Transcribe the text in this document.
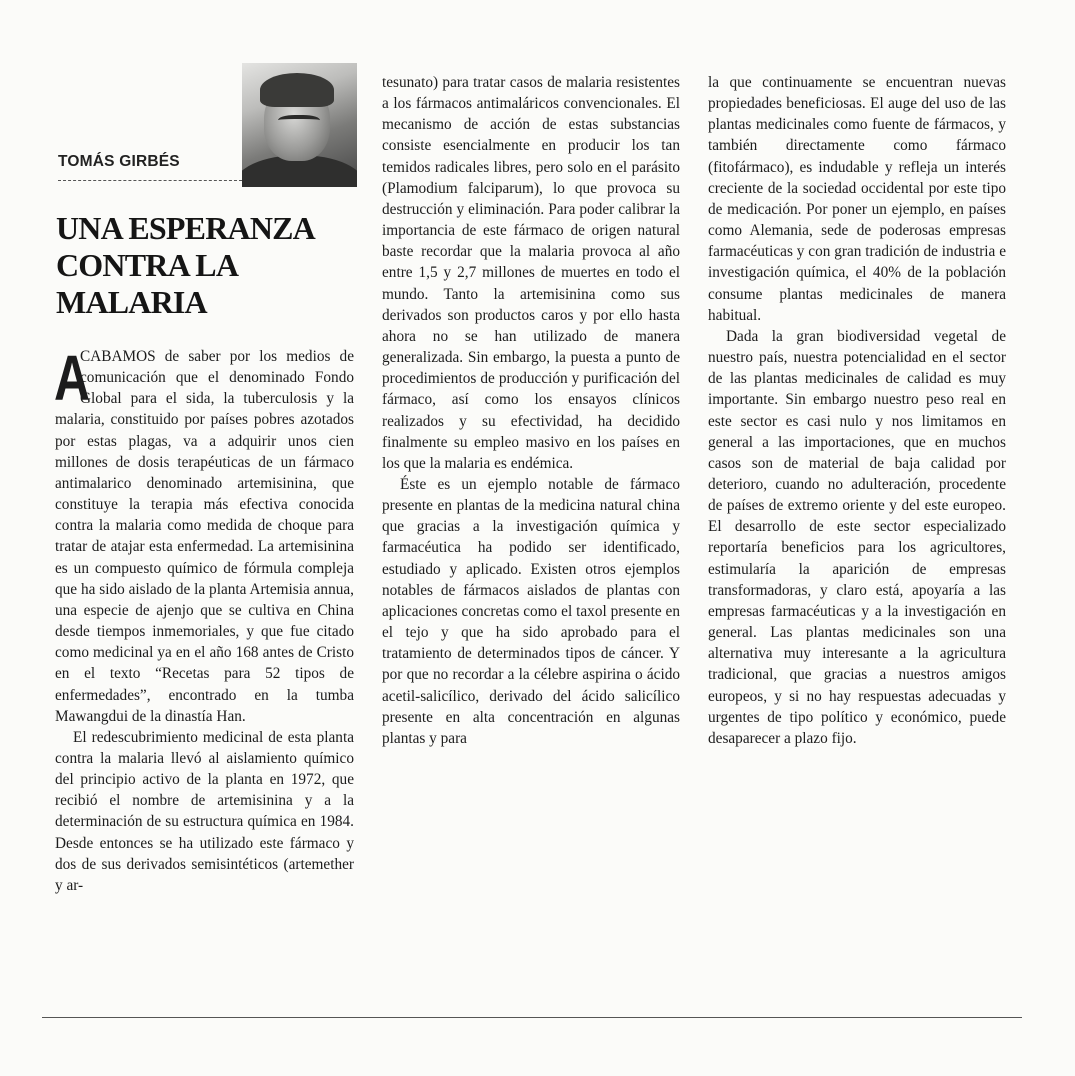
TOMÁS GIRBÉS
UNA ESPERANZA
CONTRA LA
MALARIA

A
CABAMOS de saber por los medios de comunicación que el denominado Fondo Global para el sida, la tuberculosis y la malaria, constituido por países pobres azotados por estas plagas, va a adquirir unos cien millones de dosis terapéuticas de un fármaco antimalarico denominado artemisinina, que constituye la terapia más efectiva conocida contra la malaria como medida de choque para tratar de atajar esta enfermedad. La artemisinina es un compuesto químico de fórmula compleja que ha sido aislado de la planta Artemisia annua, una especie de ajenjo que se cultiva en China desde tiempos inmemoriales, y que fue citado como medicinal ya en el año 168 antes de Cristo en el texto “Recetas para 52 tipos de enfermedades”, encontrado en la tumba Mawangdui de la dinastía Han.

El redescubrimiento medicinal de esta planta contra la malaria llevó al aislamiento químico del principio activo de la planta en 1972, que recibió el nombre de artemisinina y a la determinación de su estructura química en 1984. Desde entonces se ha utilizado este fármaco y dos de sus derivados semisintéticos (artemether y ar-

tesunato) para tratar casos de malaria resistentes a los fármacos antimaláricos convencionales. El mecanismo de acción de estas substancias consiste esencialmente en producir los tan temidos radicales libres, pero solo en el parásito (Plamodium falciparum), lo que provoca su destrucción y eliminación. Para poder calibrar la importancia de este fármaco de origen natural baste recordar que la malaria provoca al año entre 1,5 y 2,7 millones de muertes en todo el mundo. Tanto la artemisinina como sus derivados son productos caros y por ello hasta ahora no se han utilizado de manera generalizada. Sin embargo, la puesta a punto de procedimientos de producción y purificación del fármaco, así como los ensayos clínicos realizados y su efectividad, ha decidido finalmente su empleo masivo en los países en los que la malaria es endémica.

Éste es un ejemplo notable de fármaco presente en plantas de la medicina natural china que gracias a la investigación química y farmacéutica ha podido ser identificado, estudiado y aplicado. Existen otros ejemplos notables de fármacos aislados de plantas con aplicaciones concretas como el taxol presente en el tejo y que ha sido aprobado para el tratamiento de determinados tipos de cáncer. Y por que no recordar a la célebre aspirina o ácido acetil-salicílico, derivado del ácido salicílico presente en alta concentración en algunas plantas y para

la que continuamente se encuentran nuevas propiedades beneficiosas. El auge del uso de las plantas medicinales como fuente de fármacos, y también directamente como fármaco (fitofármaco), es indudable y refleja un interés creciente de la sociedad occidental por este tipo de medicación. Por poner un ejemplo, en países como Alemania, sede de poderosas empresas farmacéuticas y con gran tradición de industria e investigación química, el 40% de la población consume plantas medicinales de manera habitual.

Dada la gran biodiversidad vegetal de nuestro país, nuestra potencialidad en el sector de las plantas medicinales de calidad es muy importante. Sin embargo nuestro peso real en este sector es casi nulo y nos limitamos en general a las importaciones, que en muchos casos son de material de baja calidad por deterioro, cuando no adulteración, procedente de países de extremo oriente y del este europeo. El desarrollo de este sector especializado reportaría beneficios para los agricultores, estimularía la aparición de empresas transformadoras, y claro está, apoyaría a las empresas farmacéuticas y a la investigación en general. Las plantas medicinales son una alternativa muy interesante a la agricultura tradicional, que gracias a nuestros amigos europeos, y si no hay respuestas adecuadas y urgentes de tipo político y económico, puede desaparecer a plazo fijo.
